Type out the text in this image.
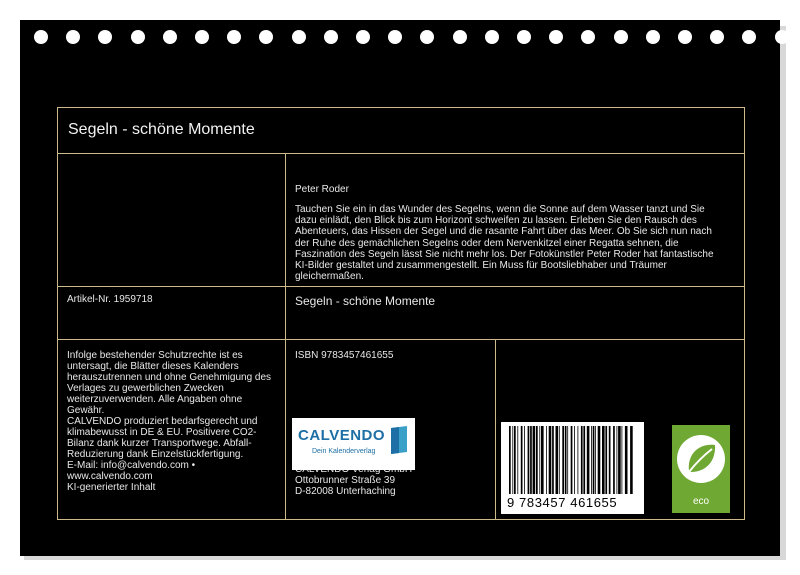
Segeln - schöne Momente
Peter Roder
Tauchen Sie ein in das Wunder des Segelns, wenn die Sonne auf dem Wasser tanzt und Sie dazu einlädt, den Blick bis zum Horizont schweifen zu lassen. Erleben Sie den Rausch des Abenteuers, das Hissen der Segel und die rasante Fahrt über das Meer. Ob Sie sich nun nach der Ruhe des gemächlichen Segelns oder dem Nervenkitzel einer Regatta sehnen, die Faszination des Segeln lässt Sie nicht mehr los. Der Fotokünstler Peter Roder hat fantastische KI-Bilder gestaltet und zusammengestellt. Ein Muss für Bootsliebhaber und Träumer gleichermaßen.
Artikel-Nr. 1959718	Segeln - schöne Momente
Infolge bestehender Schutzrechte ist es untersagt, die Blätter dieses Kalenders herauszutrennen und ohne Genehmigung des Verlages zu gewerblichen Zwecken weiterzuverwenden. Alle Angaben ohne Gewähr.
CALVENDO produziert bedarfsgerecht und klimabewusst in DE & EU. Positivere CO2-Bilanz dank kurzer Transportwege. Abfall-Reduzierung dank Einzelstückfertigung.
E-Mail: info@calvendo.com •
www.calvendo.com
KI-generierter Inhalt
ISBN 9783457461655
Ottobrunner Straße 39
D-82008 Unterhaching
CALVENDO
Dein Kalenderverlag
9 783457 461655	eco
